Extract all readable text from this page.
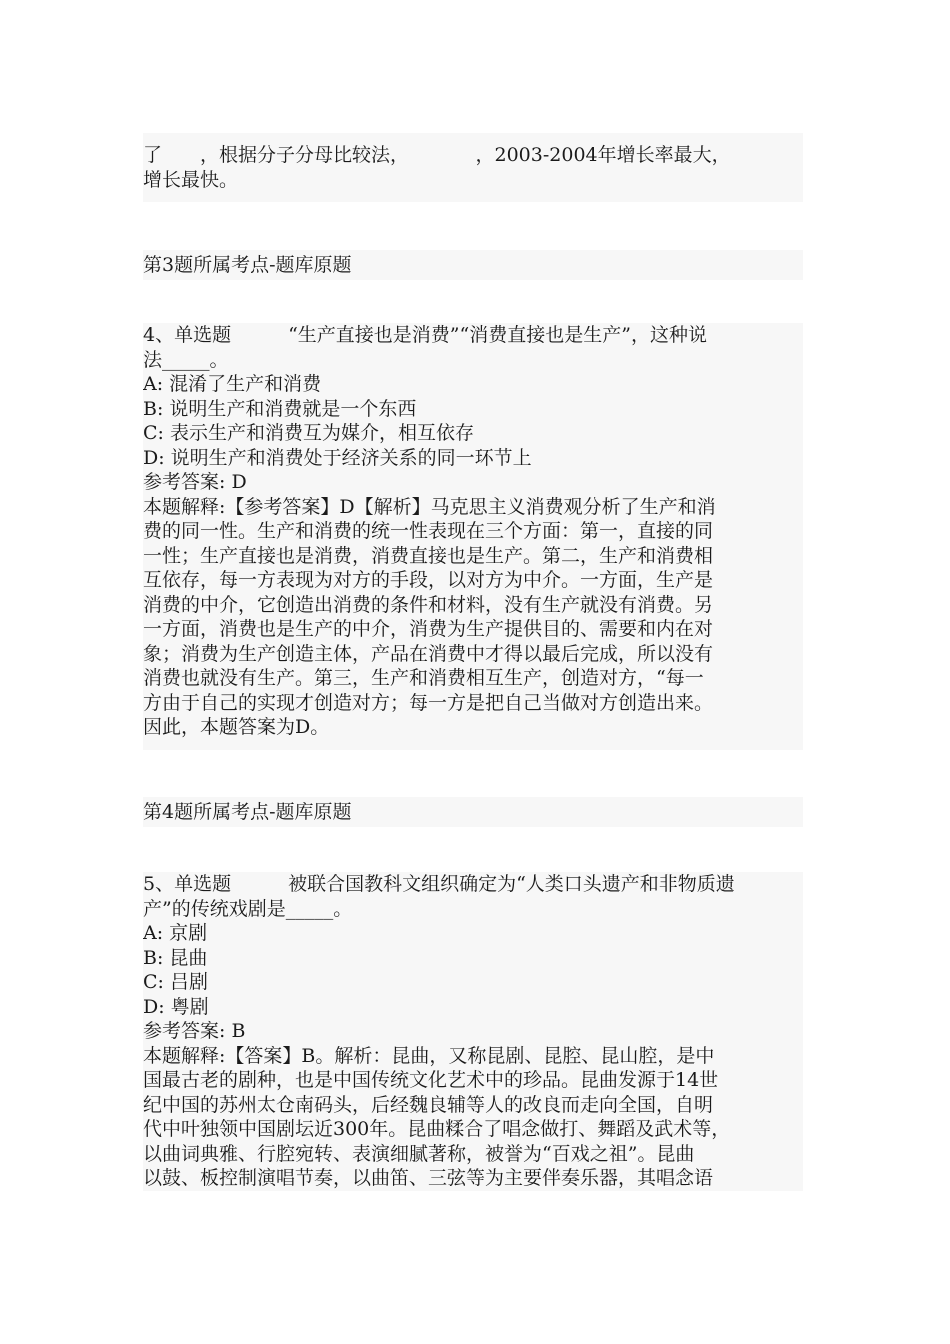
了　　，根据分子分母比较法，　　　　，2003-2004年增长率最大，
增长最快。
第3题所属考点-题库原题
4、单选题　　　“生产直接也是消费”“消费直接也是生产”，这种说
法_____。
A: 混淆了生产和消费
B: 说明生产和消费就是一个东西
C: 表示生产和消费互为媒介，相互依存
D: 说明生产和消费处于经济关系的同一环节上
参考答案: D
本题解释:【参考答案】D【解析】马克思主义消费观分析了生产和消
费的同一性。生产和消费的统一性表现在三个方面：第一，直接的同
一性；生产直接也是消费，消费直接也是生产。第二，生产和消费相
互依存，每一方表现为对方的手段，以对方为中介。一方面，生产是
消费的中介，它创造出消费的条件和材料，没有生产就没有消费。另
一方面，消费也是生产的中介，消费为生产提供目的、需要和内在对
象；消费为生产创造主体，产品在消费中才得以最后完成，所以没有
消费也就没有生产。第三，生产和消费相互生产，创造对方，“每一
方由于自己的实现才创造对方；每一方是把自己当做对方创造出来。
因此，本题答案为D。
第4题所属考点-题库原题
5、单选题　　　被联合国教科文组织确定为“人类口头遗产和非物质遗
产”的传统戏剧是_____。
A: 京剧
B: 昆曲
C: 吕剧
D: 粤剧
参考答案: B
本题解释:【答案】B。解析：昆曲，又称昆剧、昆腔、昆山腔，是中
国最古老的剧种，也是中国传统文化艺术中的珍品。昆曲发源于14世
纪中国的苏州太仓南码头，后经魏良辅等人的改良而走向全国，自明
代中叶独领中国剧坛近300年。昆曲糅合了唱念做打、舞蹈及武术等，
以曲词典雅、行腔宛转、表演细腻著称，被誉为“百戏之祖”。昆曲
以鼓、板控制演唱节奏，以曲笛、三弦等为主要伴奏乐器，其唱念语
